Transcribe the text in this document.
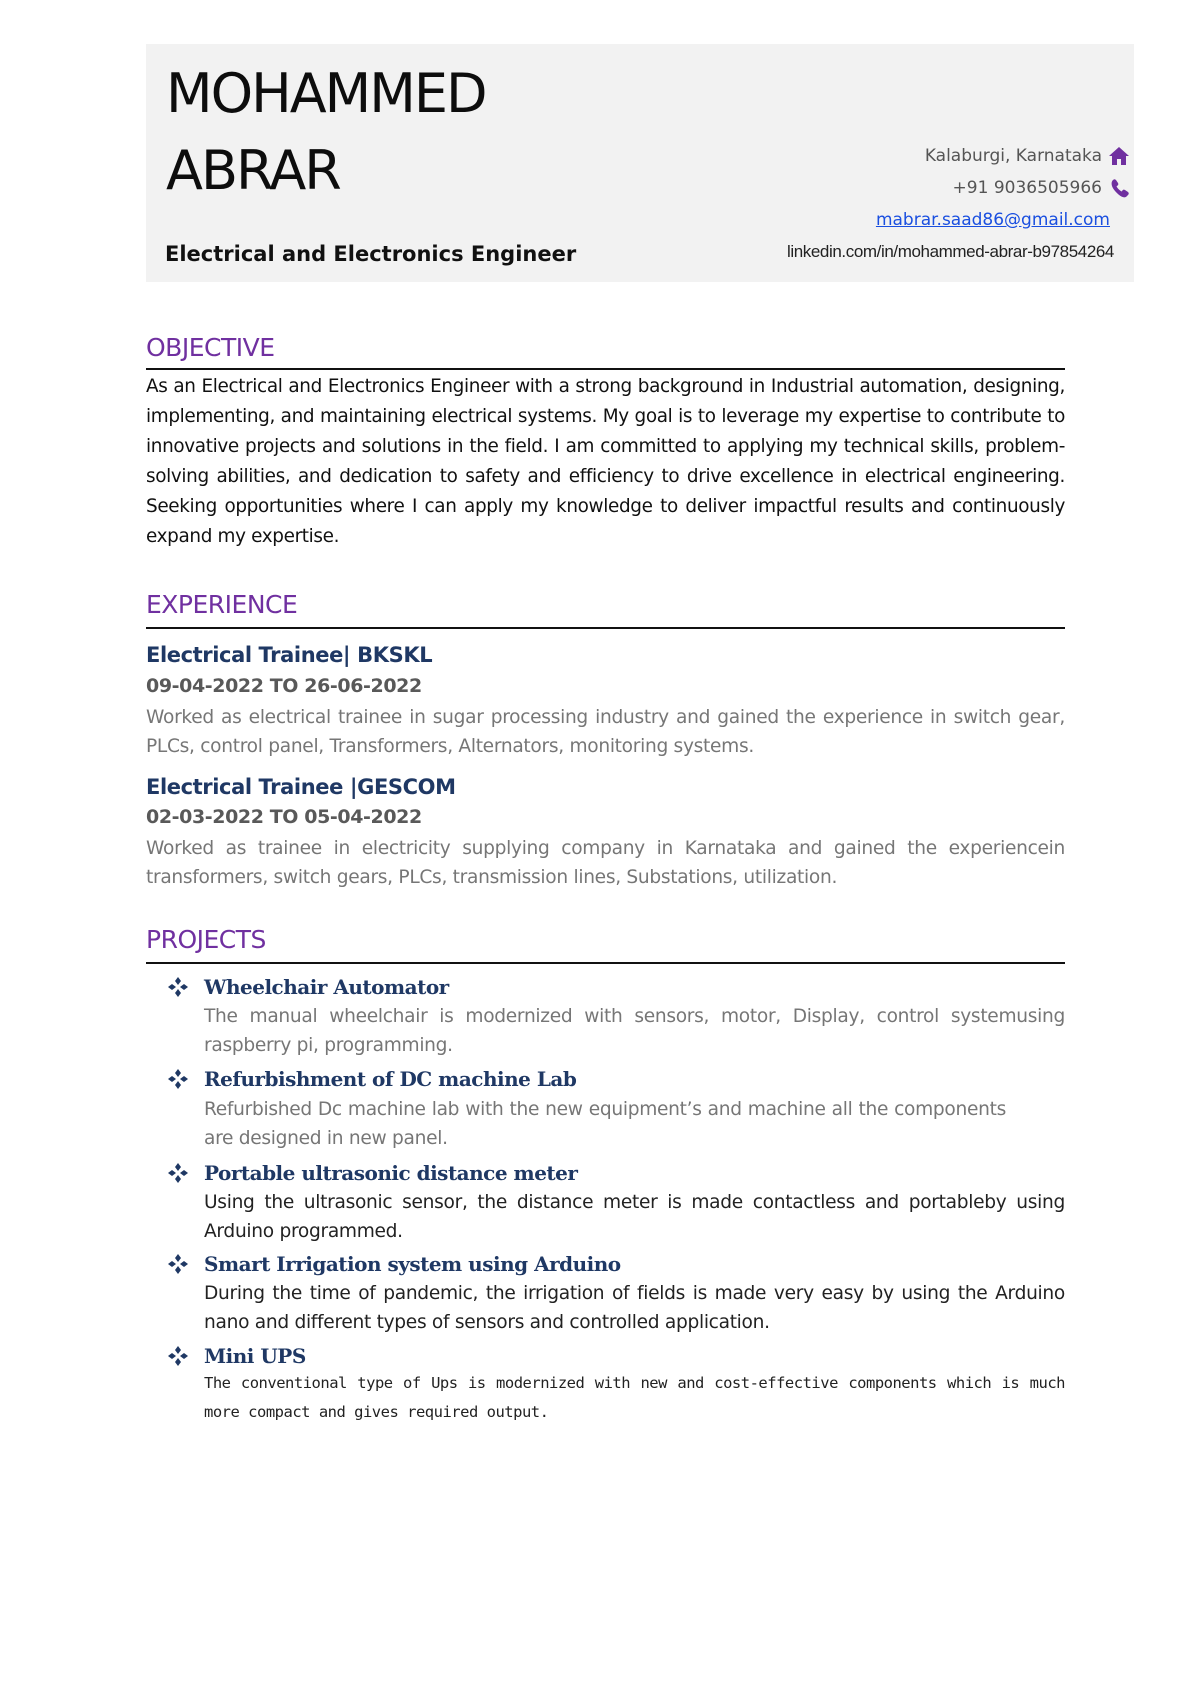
MOHAMMED
ABRAR
Electrical and Electronics Engineer
Kalaburgi, Karnataka
+91 9036505966
mabrar.saad86@gmail.com
linkedin.com/in/mohammed-abrar-b97854264
OBJECTIVE
As an Electrical and Electronics Engineer with a strong background in Industrial automation, designing, implementing, and maintaining electrical systems. My goal is to leverage my expertise to contribute to innovative projects and solutions in the field. I am committed to applying my technical skills, problem-solving abilities, and dedication to safety and efficiency to drive excellence in electrical engineering. Seeking opportunities where I can apply my knowledge to deliver impactful results and continuously expand my expertise.
EXPERIENCE
Electrical Trainee| BKSKL
09-04-2022 TO 26-06-2022
Worked as electrical trainee in sugar processing industry and gained the experience in switch gear, PLCs, control panel, Transformers, Alternators, monitoring systems.
Electrical Trainee |GESCOM
02-03-2022 TO 05-04-2022
Worked as trainee in electricity supplying company in Karnataka and gained the experiencein transformers, switch gears, PLCs, transmission lines, Substations, utilization.
PROJECTS
Wheelchair Automator
The manual wheelchair is modernized with sensors, motor, Display, control systemusing raspberry pi, programming.
Refurbishment of DC machine Lab
Refurbished Dc machine lab with the new equipment’s and machine all the components are designed in new panel.
Portable ultrasonic distance meter
Using the ultrasonic sensor, the distance meter is made contactless and portableby using Arduino programmed.
Smart Irrigation system using Arduino
During the time of pandemic, the irrigation of fields is made very easy by using the Arduino nano and different types of sensors and controlled application.
Mini UPS
The conventional type of Ups is modernized with new and cost-effective components which is much more compact and gives required output.
